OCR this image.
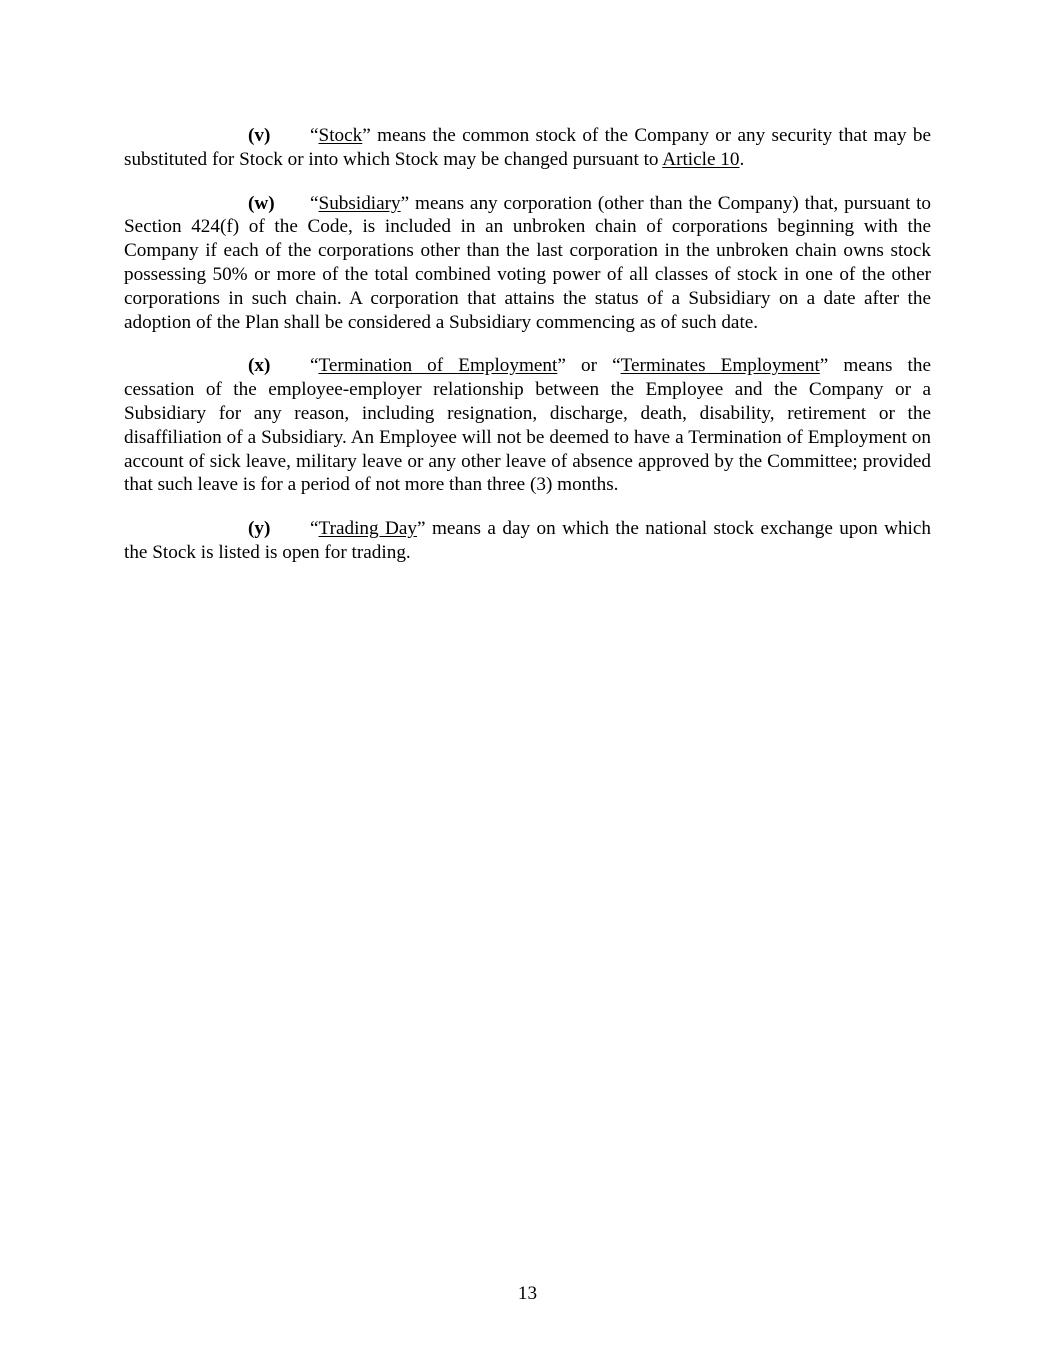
(v) “Stock” means the common stock of the Company or any security that may be substituted for Stock or into which Stock may be changed pursuant to Article 10.

(w) “Subsidiary” means any corporation (other than the Company) that, pursuant to Section 424(f) of the Code, is included in an unbroken chain of corporations beginning with the Company if each of the corporations other than the last corporation in the unbroken chain owns stock possessing 50% or more of the total combined voting power of all classes of stock in one of the other corporations in such chain. A corporation that attains the status of a Subsidiary on a date after the adoption of the Plan shall be considered a Subsidiary commencing as of such date.

(x) “Termination of Employment” or “Terminates Employment” means the cessation of the employee-employer relationship between the Employee and the Company or a Subsidiary for any reason, including resignation, discharge, death, disability, retirement or the disaffiliation of a Subsidiary. An Employee will not be deemed to have a Termination of Employment on account of sick leave, military leave or any other leave of absence approved by the Committee; provided that such leave is for a period of not more than three (3) months.

(y) “Trading Day” means a day on which the national stock exchange upon which the Stock is listed is open for trading.

13
